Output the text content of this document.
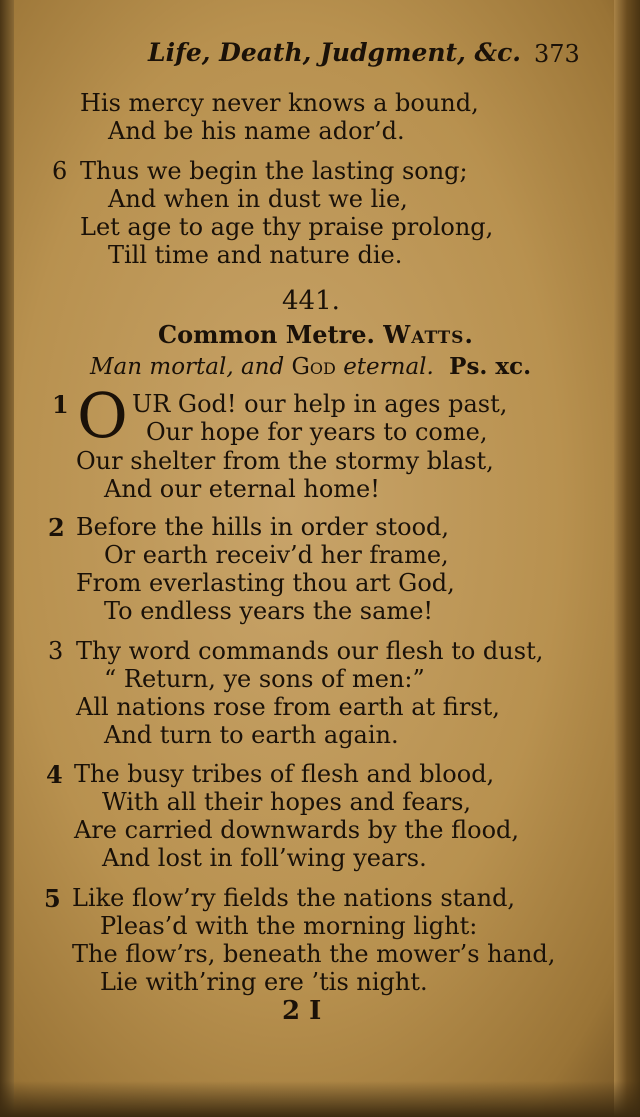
Life, Death, Judgment, &c. 373
His mercy never knows a bound,
And be his name ador’d.
6 Thus we begin the lasting song;
And when in dust we lie,
Let age to age thy praise prolong,
Till time and nature die.
441.
Common Metre. Watts.
Man mortal, and God eternal. Ps. xc.
1 O UR God! our help in ages past,
Our hope for years to come,
Our shelter from the stormy blast,
And our eternal home!
2 Before the hills in order stood,
Or earth receiv’d her frame,
From everlasting thou art God,
To endless years the same!
3 Thy word commands our flesh to dust,
“ Return, ye sons of men:”
All nations rose from earth at first,
And turn to earth again.
4 The busy tribes of flesh and blood,
With all their hopes and fears,
Are carried downwards by the flood,
And lost in foll’wing years.
5 Like flow’ry fields the nations stand,
Pleas’d with the morning light:
The flow’rs, beneath the mower’s hand,
Lie with’ring ere ’tis night.
2 I
